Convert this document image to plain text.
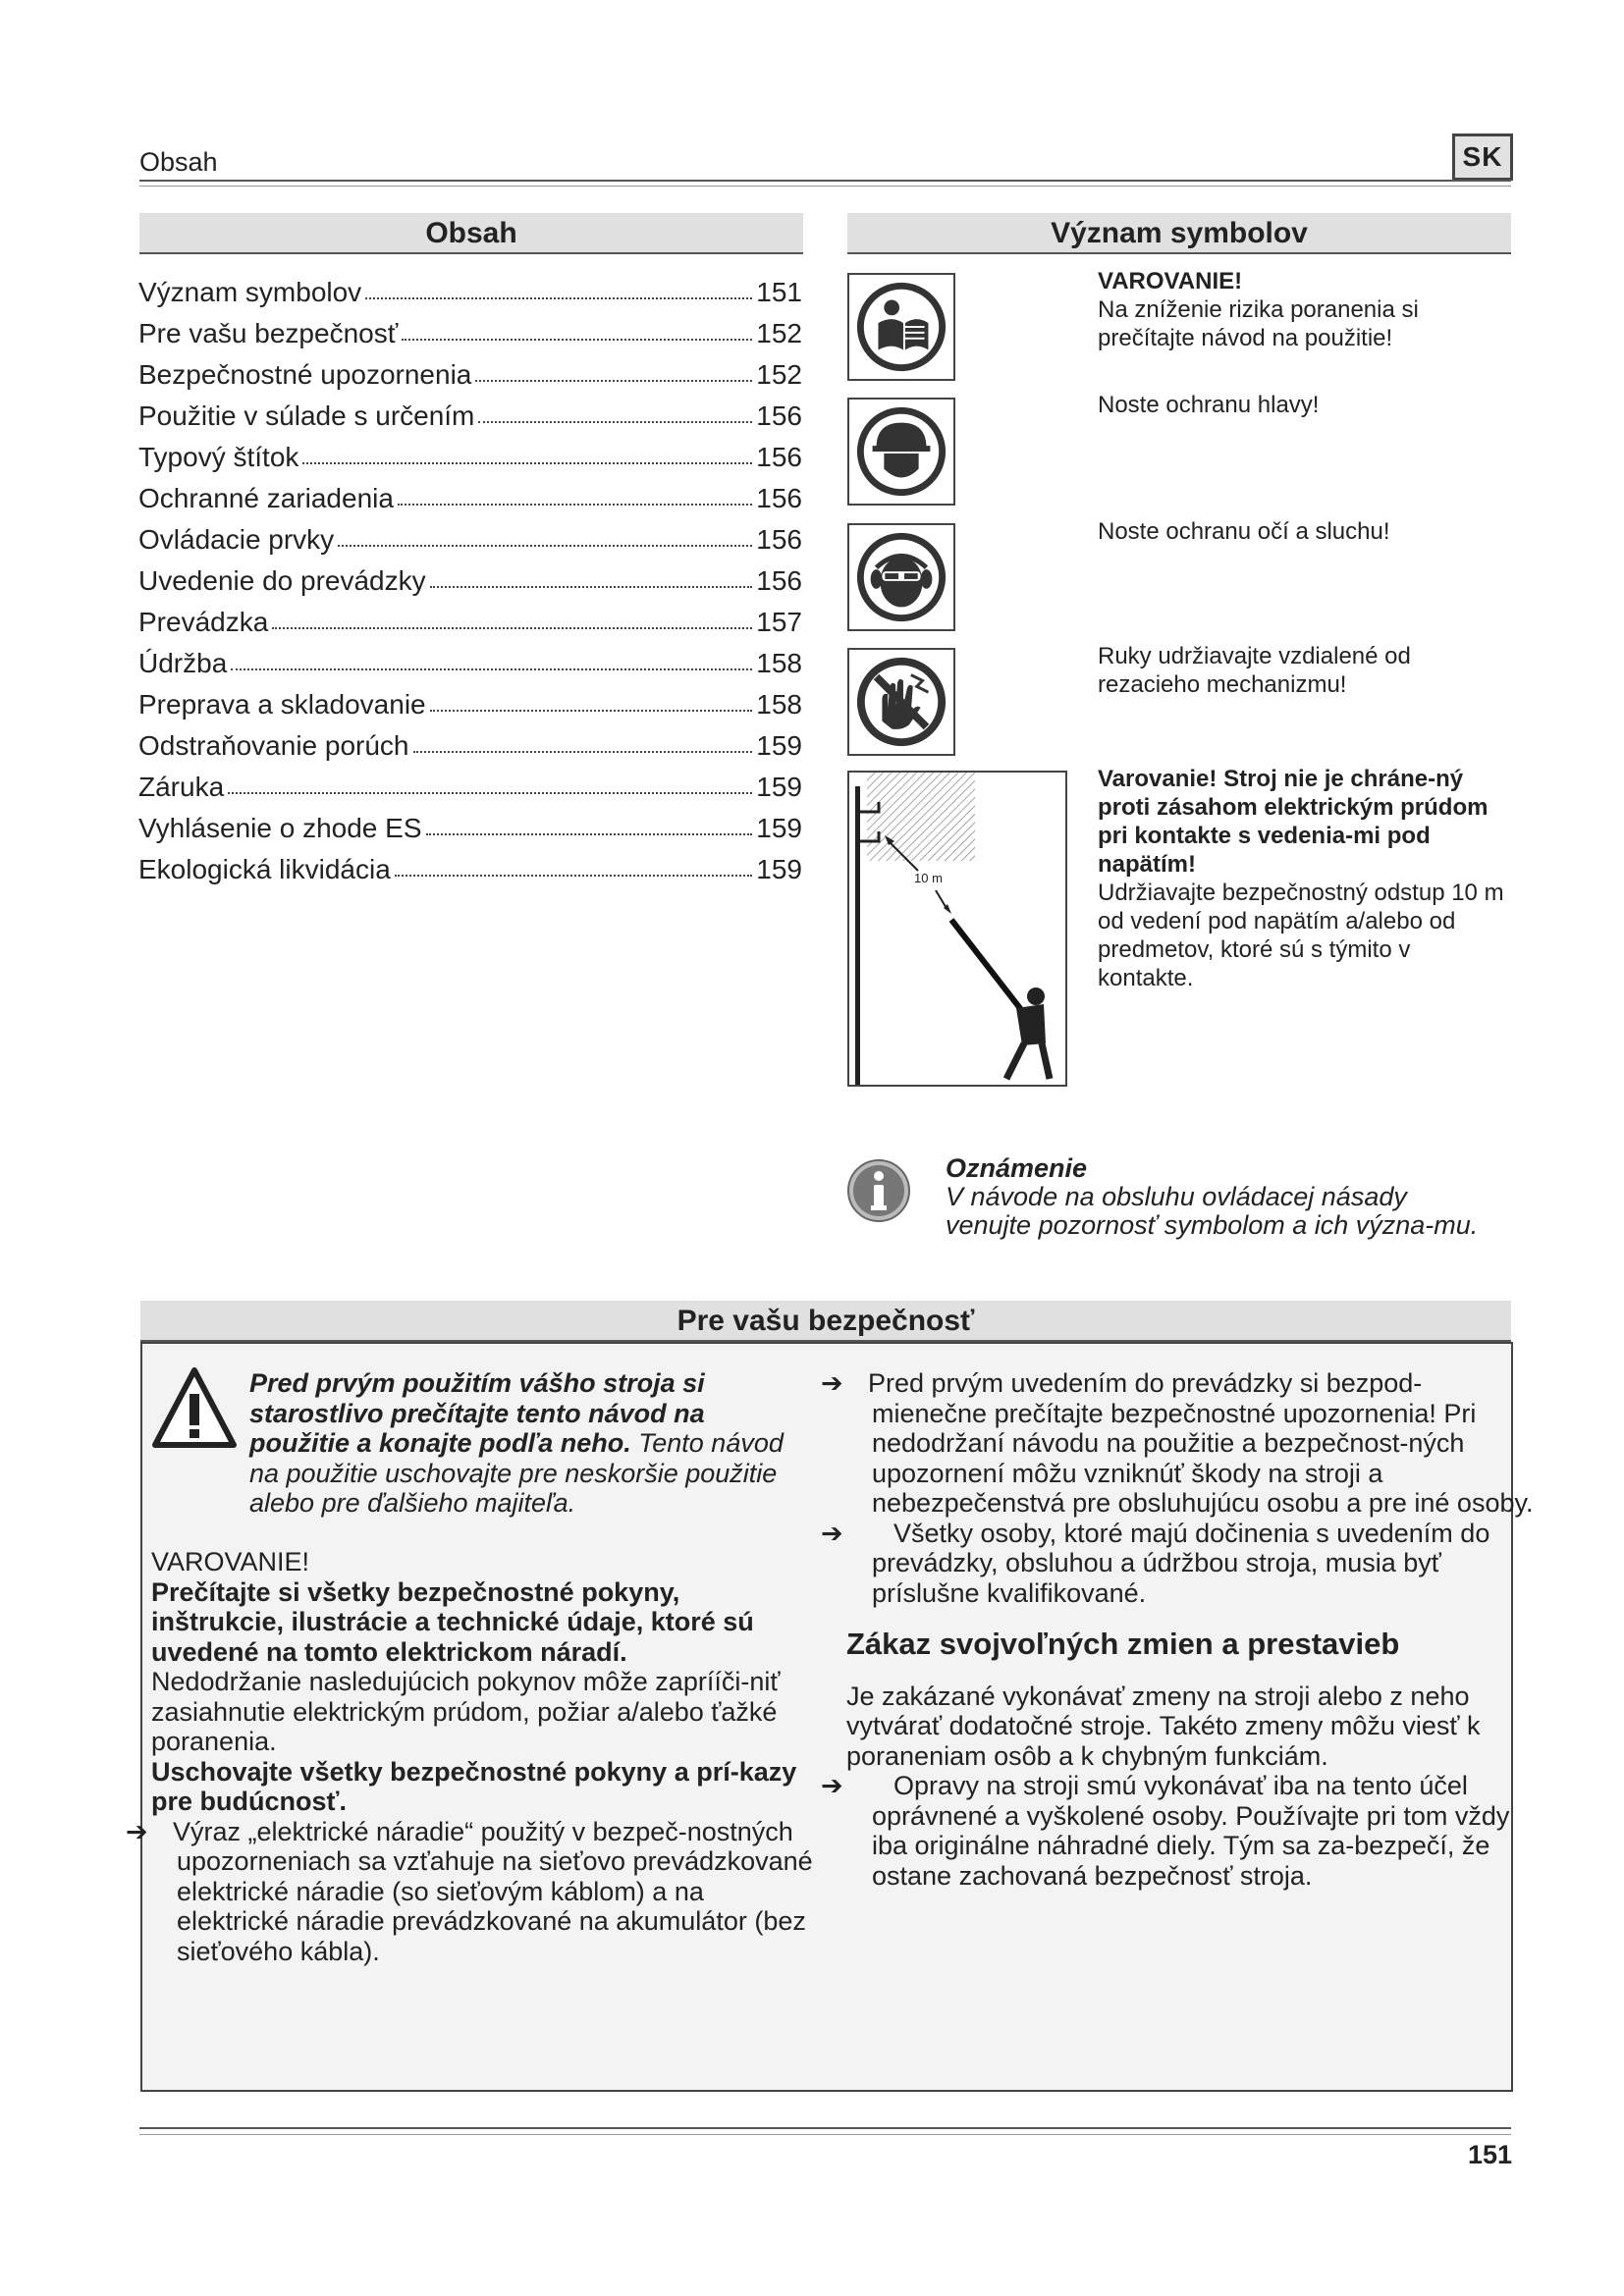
Obsah	SK
Obsah
Význam symbolov	151
Pre vašu bezpečnosť	152
Bezpečnostné upozornenia	152
Použitie v súlade s určením	156
Typový štítok	156
Ochranné zariadenia	156
Ovládacie prvky	156
Uvedenie do prevádzky	156
Prevádzka	157
Údržba	158
Preprava a skladovanie	158
Odstraňovanie porúch	159
Záruka	159
Vyhlásenie o zhode ES	159
Ekologická likvidácia	159
Význam symbolov
VAROVANIE!
Na zníženie rizika poranenia si prečítajte návod na použitie!
Noste ochranu hlavy!
Noste ochranu očí a sluchu!
Ruky udržiavajte vzdialené od rezacieho mechanizmu!
10 m
Varovanie! Stroj nie je chráne-ný proti zásahom elektrickým prúdom pri kontakte s vedenia-mi pod napätím!
Udržiavajte bezpečnostný odstup 10 m od vedení pod napätím a/alebo od predmetov, ktoré sú s týmito v kontakte.
Oznámenie
V návode na obsluhu ovládacej násady venujte pozornosť symbolom a ich význa-mu.
Pre vašu bezpečnosť
Pred prvým použitím vášho stroja si starostlivo prečítajte tento návod na použitie a konajte podľa neho. Tento návod na použitie uschovajte pre neskoršie použitie alebo pre ďalšieho majiteľa.
VAROVANIE!
Prečítajte si všetky bezpečnostné pokyny, inštrukcie, ilustrácie a technické údaje, ktoré sú uvedené na tomto elektrickom náradí.
Nedodržanie nasledujúcich pokynov môže zaprííči-niť zasiahnutie elektrickým prúdom, požiar a/alebo ťažké poranenia.
Uschovajte všetky bezpečnostné pokyny a prí-kazy pre budúcnosť.
➔ Výraz „elektrické náradie“ použitý v bezpeč-nostných upozorneniach sa vzťahuje na sieťovo prevádzkované elektrické náradie (so sieťovým káblom) a na elektrické náradie prevádzkované na akumulátor (bez sieťového kábla).
➔ Pred prvým uvedením do prevádzky si bezpod-mienečne prečítajte bezpečnostné upozornenia! Pri nedodržaní návodu na použitie a bezpečnost-ných upozornení môžu vzniknúť škody na stroji a nebezpečenstvá pre obsluhujúcu osobu a pre iné osoby.
➔ Všetky osoby, ktoré majú dočinenia s uvedením do prevádzky, obsluhou a údržbou stroja, musia byť príslušne kvalifikované.
Zákaz svojvoľných zmien a prestavieb
Je zakázané vykonávať zmeny na stroji alebo z neho vytvárať dodatočné stroje. Takéto zmeny môžu viesť k poraneniam osôb a k chybným funkciám.
➔ Opravy na stroji smú vykonávať iba na tento účel oprávnené a vyškolené osoby. Používajte pri tom vždy iba originálne náhradné diely. Tým sa za-bezpečí, že ostane zachovaná bezpečnosť stroja.
151
